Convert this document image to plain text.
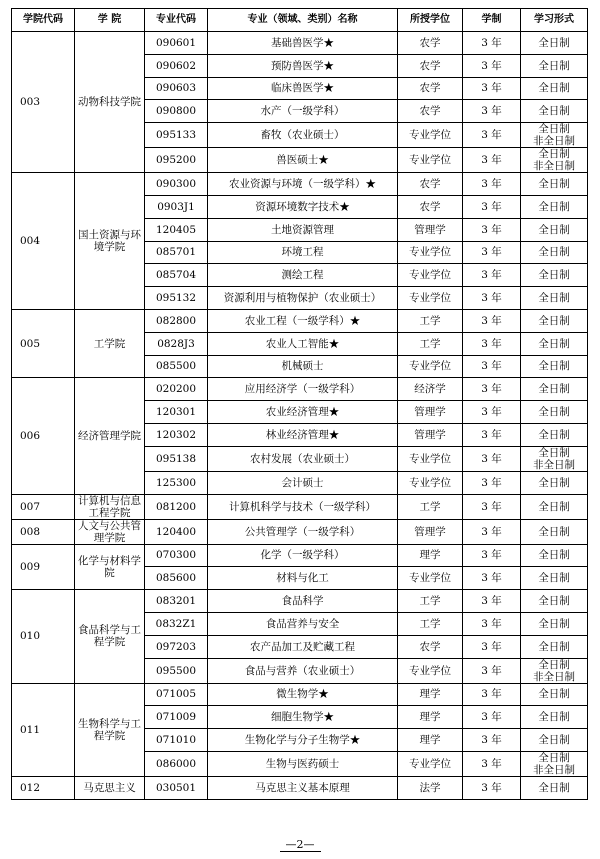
学院代码	学 院	专业代码	专业（领域、类别）名称	所授学位	学制	学习形式
003	动物科技学院	090601	基础兽医学★	农学	3 年	全日制
		090602	预防兽医学★	农学	3 年	全日制
		090603	临床兽医学★	农学	3 年	全日制
		090800	水产（一级学科）	农学	3 年	全日制
		095133	畜牧（农业硕士）	专业学位	3 年	全日制
非全日制
		095200	兽医硕士★	专业学位	3 年	全日制
非全日制
004	国土资源与环境学院	090300	农业资源与环境（一级学科）★	农学	3 年	全日制
		0903J1	资源环境数字技术★	农学	3 年	全日制
		120405	土地资源管理	管理学	3 年	全日制
		085701	环境工程	专业学位	3 年	全日制
		085704	测绘工程	专业学位	3 年	全日制
		095132	资源利用与植物保护（农业硕士）	专业学位	3 年	全日制
005	工学院	082800	农业工程（一级学科）★	工学	3 年	全日制
		0828J3	农业人工智能★	工学	3 年	全日制
		085500	机械硕士	专业学位	3 年	全日制
006	经济管理学院	020200	应用经济学（一级学科）	经济学	3 年	全日制
		120301	农业经济管理★	管理学	3 年	全日制
		120302	林业经济管理★	管理学	3 年	全日制
		095138	农村发展（农业硕士）	专业学位	3 年	全日制
非全日制
		125300	会计硕士	专业学位	3 年	全日制
007	计算机与信息工程学院	081200	计算机科学与技术（一级学科）	工学	3 年	全日制
008	人文与公共管理学院	120400	公共管理学（一级学科）	管理学	3 年	全日制
009	化学与材料学院	070300	化学（一级学科）	理学	3 年	全日制
		085600	材料与化工	专业学位	3 年	全日制
010	食品科学与工程学院	083201	食品科学	工学	3 年	全日制
		0832Z1	食品营养与安全	工学	3 年	全日制
		097203	农产品加工及贮藏工程	农学	3 年	全日制
		095500	食品与营养（农业硕士）	专业学位	3 年	全日制
非全日制
011	生物科学与工程学院	071005	微生物学★	理学	3 年	全日制
		071009	细胞生物学★	理学	3 年	全日制
		071010	生物化学与分子生物学★	理学	3 年	全日制
		086000	生物与医药硕士	专业学位	3 年	全日制
非全日制
012	马克思主义	030501	马克思主义基本原理	法学	3 年	全日制
—2—
